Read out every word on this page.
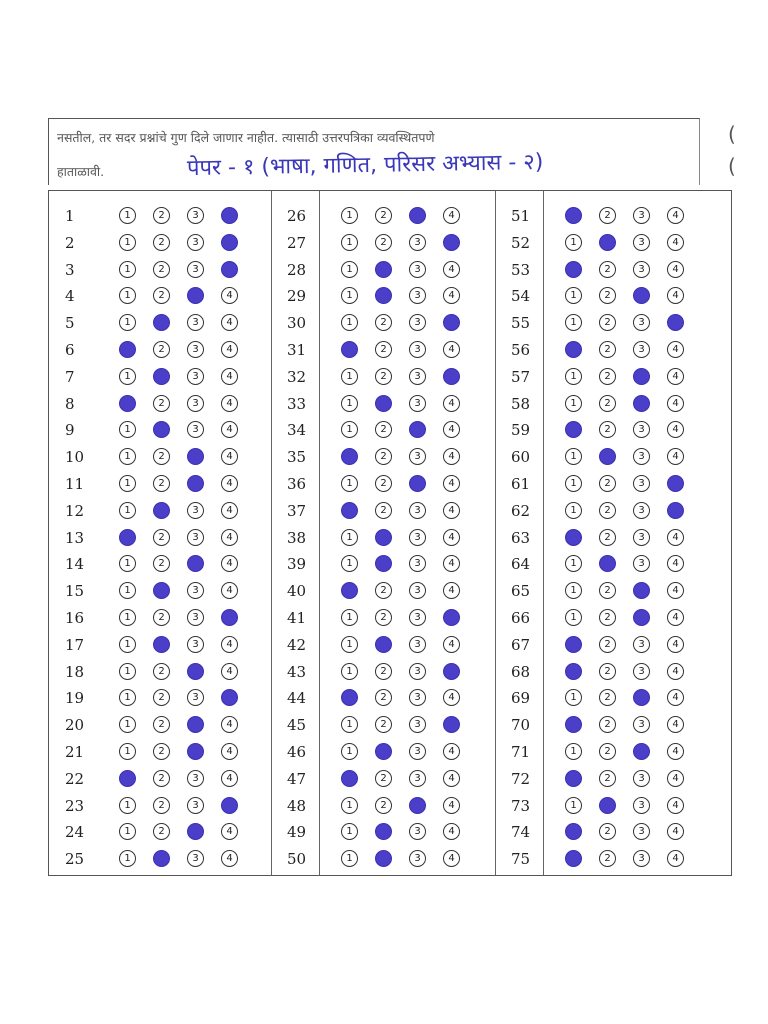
नसतील, तर सदर प्रश्नांचे गुण दिले जाणार नाहीत. त्यासाठी उत्तरपत्रिका व्यवस्थितपणे
हाताळावी.	पेपर - १ (भाषा, गणित, परिसर अभ्यास - २)
(
(
1	1	2	3
2	1	2	3
3	1	2	3
4	1	2	4
5	1	3	4
6	2	3	4
7	1	3	4
8	2	3	4
9	1	3	4
10	1	2	4
11	1	2	4
12	1	3	4
13	2	3	4
14	1	2	4
15	1	3	4
16	1	2	3
17	1	3	4
18	1	2	4
19	1	2	3
20	1	2	4
21	1	2	4
22	2	3	4
23	1	2	3
24	1	2	4
25	1	3	4
26	1	2	4
27	1	2	3
28	1	3	4
29	1	3	4
30	1	2	3
31	2	3	4
32	1	2	3
33	1	3	4
34	1	2	4
35	2	3	4
36	1	2	4
37	2	3	4
38	1	3	4
39	1	3	4
40	2	3	4
41	1	2	3
42	1	3	4
43	1	2	3
44	2	3	4
45	1	2	3
46	1	3	4
47	2	3	4
48	1	2	4
49	1	3	4
50	1	3	4
51	2	3	4
52	1	3	4
53	2	3	4
54	1	2	4
55	1	2	3
56	2	3	4
57	1	2	4
58	1	2	4
59	2	3	4
60	1	3	4
61	1	2	3
62	1	2	3
63	2	3	4
64	1	3	4
65	1	2	4
66	1	2	4
67	2	3	4
68	2	3	4
69	1	2	4
70	2	3	4
71	1	2	4
72	2	3	4
73	1	3	4
74	2	3	4
75	2	3	4
